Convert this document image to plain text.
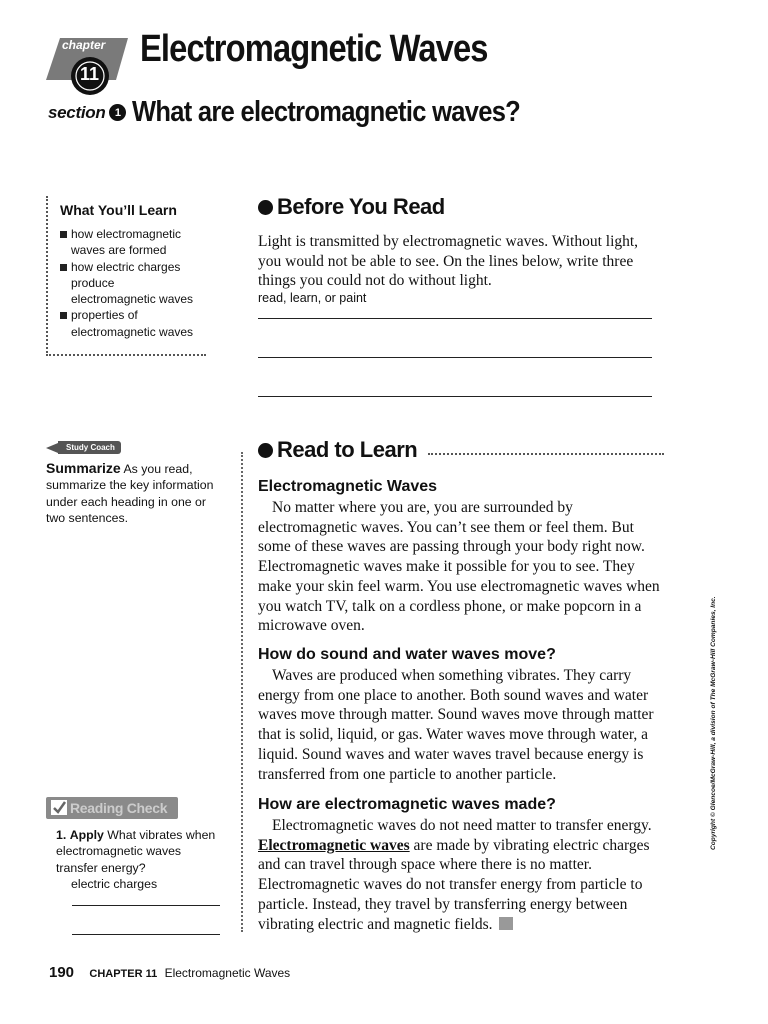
chapter
11
Electromagnetic Waves
section 1 What are electromagnetic waves?
What You’ll Learn
how electromagnetic waves are formed
how electric charges produce electromagnetic waves
properties of electromagnetic waves
Study Coach
Summarize As you read, summarize the key information under each heading in one or two sentences.
Reading Check
1. Apply What vibrates when electromagnetic waves transfer energy?
electric charges
Before You Read
Light is transmitted by electromagnetic waves. Without light, you would not be able to see. On the lines below, write three things you could not do without light.
read, learn, or paint
Read to Learn
Electromagnetic Waves
No matter where you are, you are surrounded by electromagnetic waves. You can’t see them or feel them. But some of these waves are passing through your body right now. Electromagnetic waves make it possible for you to see. They make your skin feel warm. You use electromagnetic waves when you watch TV, talk on a cordless phone, or make popcorn in a microwave oven.
How do sound and water waves move?
Waves are produced when something vibrates. They carry energy from one place to another. Both sound waves and water waves move through matter. Sound waves move through matter that is solid, liquid, or gas. Water waves move through water, a liquid. Sound waves and water waves travel because energy is transferred from one particle to another particle.
How are electromagnetic waves made?
Electromagnetic waves do not need matter to transfer energy. Electromagnetic waves are made by vibrating electric charges and can travel through space where there is no matter. Electromagnetic waves do not transfer energy from particle to particle. Instead, they travel by transferring energy between vibrating electric and magnetic fields.
Copyright © Glencoe/McGraw-Hill, a division of The McGraw-Hill Companies, Inc.
190 CHAPTER 11 Electromagnetic Waves
